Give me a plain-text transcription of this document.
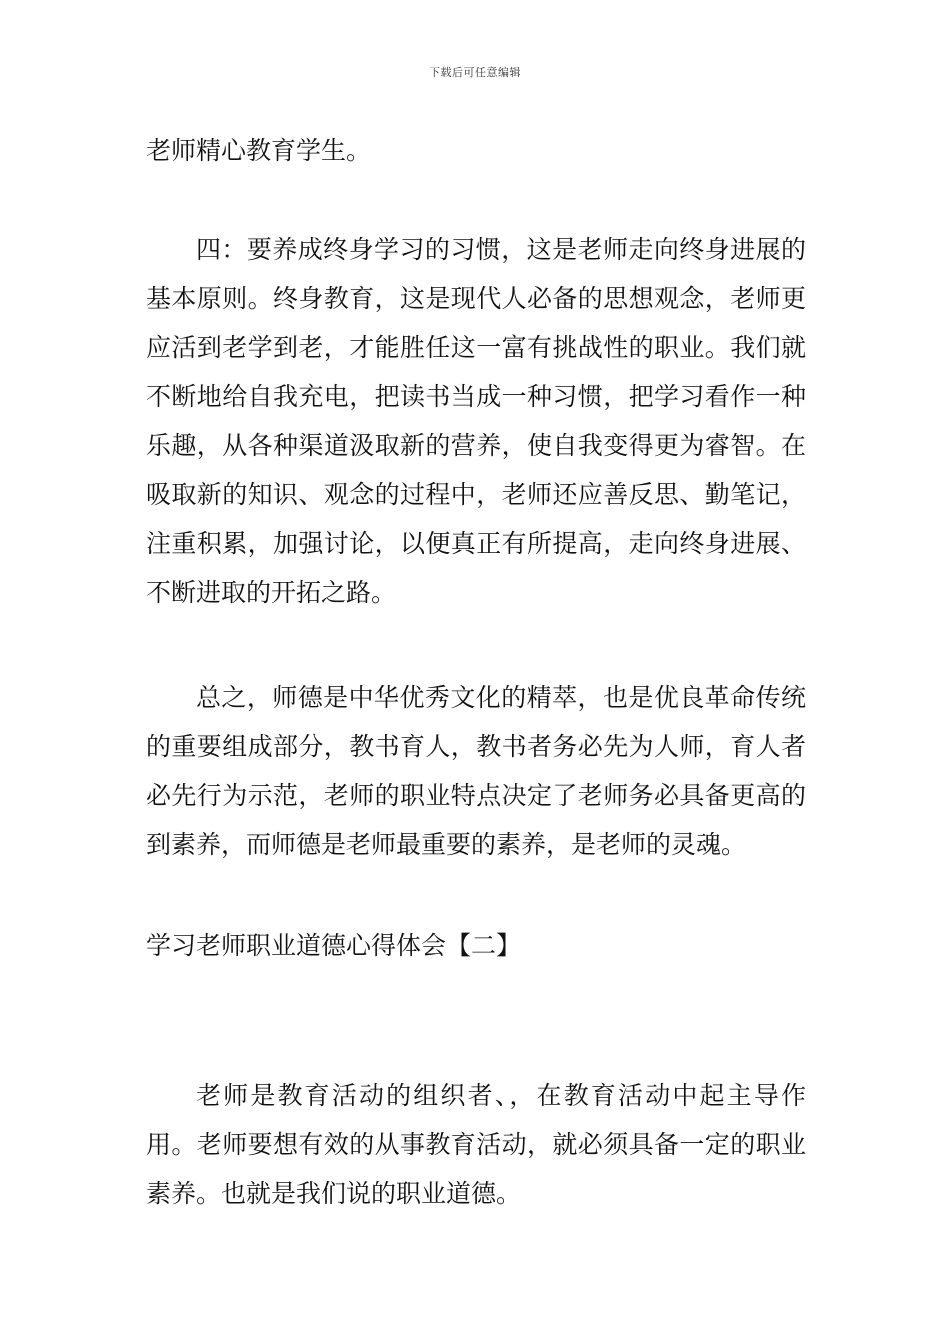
下载后可任意编辑

老师精心教育学生。

四：要养成终身学习的习惯，这是老师走向终身进展的基本原则。终身教育，这是现代人必备的思想观念，老师更应活到老学到老，才能胜任这一富有挑战性的职业。我们就不断地给自我充电，把读书当成一种习惯，把学习看作一种乐趣，从各种渠道汲取新的营养，使自我变得更为睿智。在吸取新的知识、观念的过程中，老师还应善反思、勤笔记，注重积累，加强讨论，以便真正有所提高，走向终身进展、不断进取的开拓之路。

总之，师德是中华优秀文化的精萃，也是优良革命传统的重要组成部分，教书育人，教书者务必先为人师，育人者必先行为示范，老师的职业特点决定了老师务必具备更高的到素养，而师德是老师最重要的素养，是老师的灵魂。

学习老师职业道德心得体会【二】

老师是教育活动的组织者、，在教育活动中起主导作用。老师要想有效的从事教育活动，就必须具备一定的职业素养。也就是我们说的职业道德。
